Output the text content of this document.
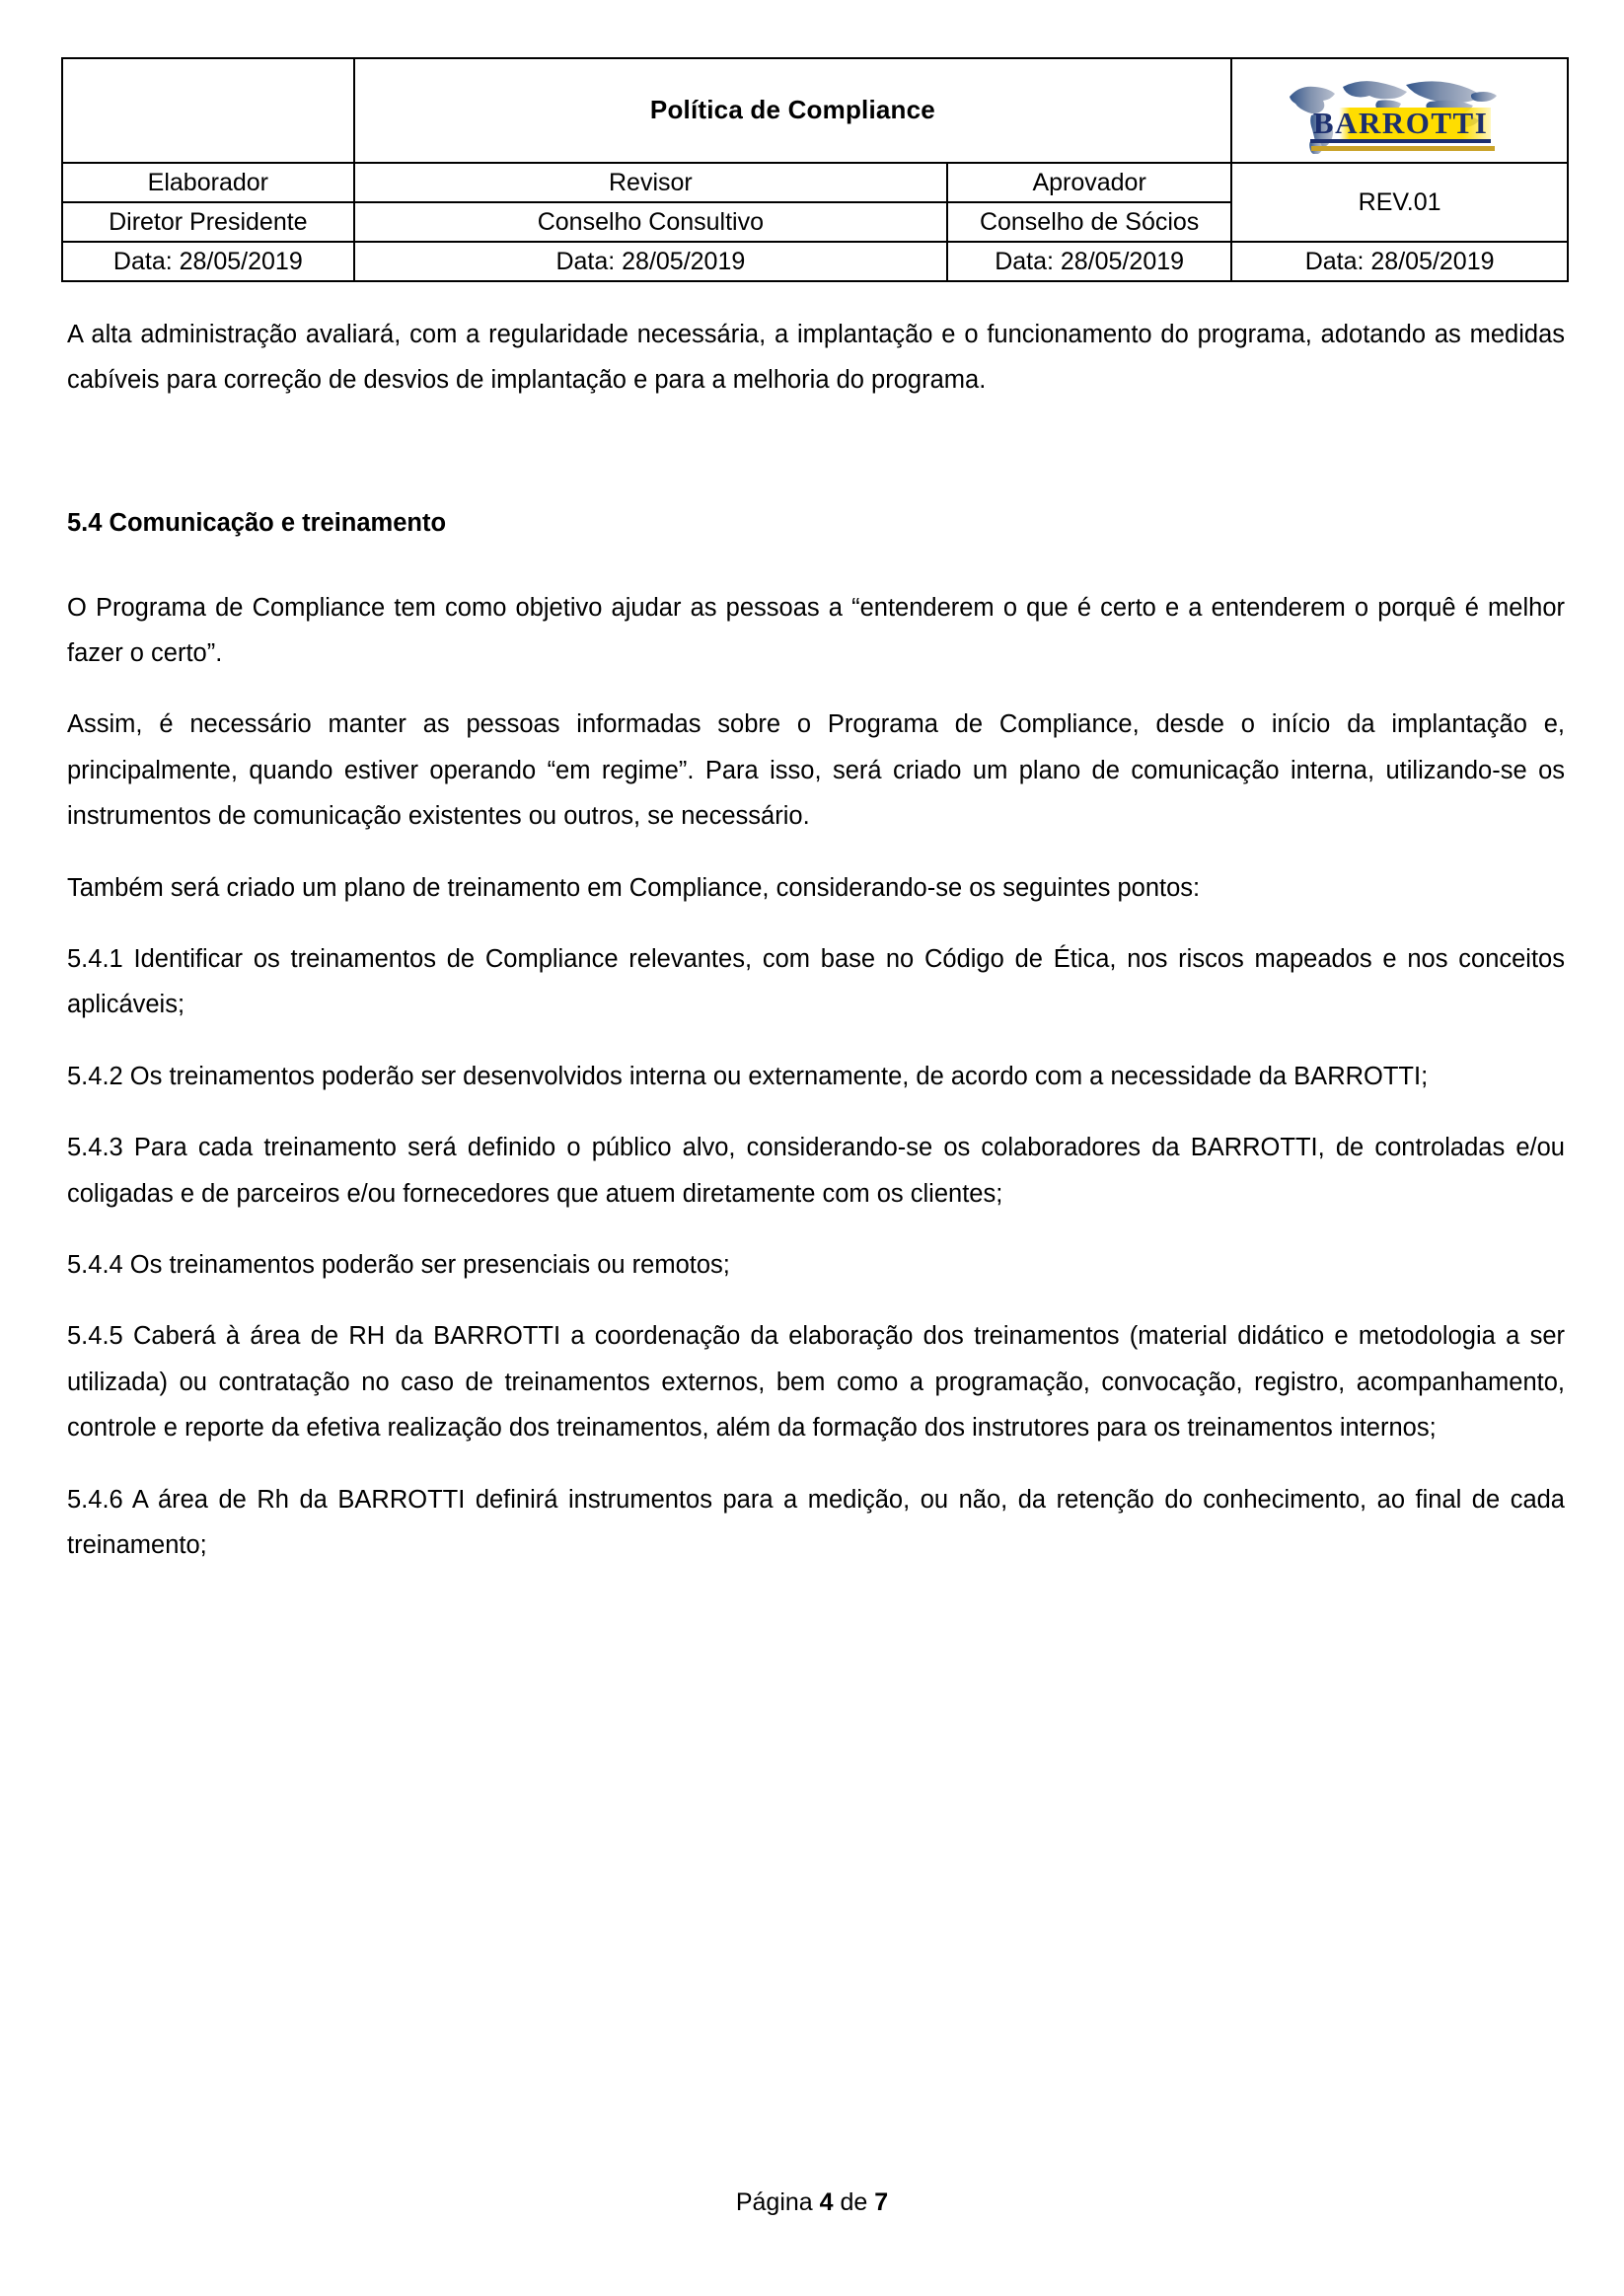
	Política de Compliance		BARROTTI

Elaborador	Revisor	Aprovador	REV.01
Diretor Presidente	Conselho Consultivo	Conselho de Sócios	
Data: 28/05/2019	Data: 28/05/2019	Data: 28/05/2019	Data: 28/05/2019

A alta administração avaliará, com a regularidade necessária, a implantação e o funcionamento do programa, adotando as medidas cabíveis para correção de desvios de implantação e para a melhoria do programa.

5.4 Comunicação e treinamento

O Programa de Compliance tem como objetivo ajudar as pessoas a “entenderem o que é certo e a entenderem o porquê é melhor fazer o certo”.

Assim, é necessário manter as pessoas informadas sobre o Programa de Compliance, desde o início da implantação e, principalmente, quando estiver operando “em regime”. Para isso, será criado um plano de comunicação interna, utilizando-se os instrumentos de comunicação existentes ou outros, se necessário.

Também será criado um plano de treinamento em Compliance, considerando-se os seguintes pontos:

5.4.1 Identificar os treinamentos de Compliance relevantes, com base no Código de Ética, nos riscos mapeados e nos conceitos aplicáveis;

5.4.2 Os treinamentos poderão ser desenvolvidos interna ou externamente, de acordo com a necessidade da BARROTTI;

5.4.3 Para cada treinamento será definido o público alvo, considerando-se os colaboradores da BARROTTI, de controladas e/ou coligadas e de parceiros e/ou fornecedores que atuem diretamente com os clientes;

5.4.4 Os treinamentos poderão ser presenciais ou remotos;

5.4.5 Caberá à área de RH da BARROTTI a coordenação da elaboração dos treinamentos (material didático e metodologia a ser utilizada) ou contratação no caso de treinamentos externos, bem como a programação, convocação, registro, acompanhamento, controle e reporte da efetiva realização dos treinamentos, além da formação dos instrutores para os treinamentos internos;

5.4.6 A área de Rh da BARROTTI definirá instrumentos para a medição, ou não, da retenção do conhecimento, ao final de cada treinamento;

Página 4 de 7
